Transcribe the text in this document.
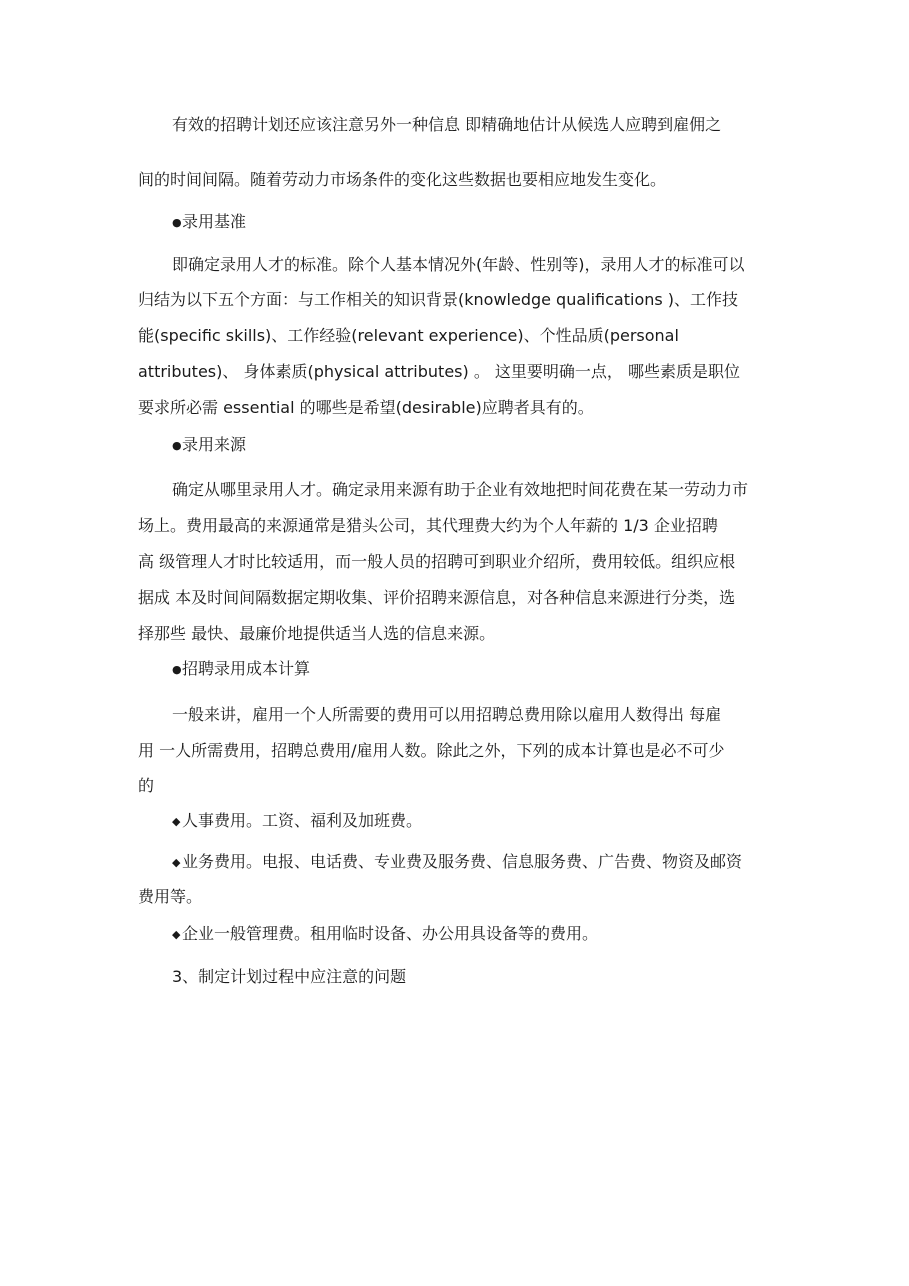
有效的招聘计划还应该注意另外一种信息 即精确地估计从候选人应聘到雇佣之
间的时间间隔。随着劳动力市场条件的变化这些数据也要相应地发生变化。
●录用基准
即确定录用人才的标准。除个人基本情况外(年龄、性别等)，录用人才的标准可以
归结为以下五个方面：与工作相关的知识背景(knowledge qualifications )、工作技
能(specific skills)、工作经验(relevant experience)、个性品质(personal
attributes)、 身体素质(physical attributes) 。 这里要明确一点， 哪些素质是职位
要求所必需 essential 的哪些是希望(desirable)应聘者具有的。
●录用来源
确定从哪里录用人才。确定录用来源有助于企业有效地把时间花费在某一劳动力市
场上。费用最高的来源通常是猎头公司，其代理费大约为个人年薪的 1/3 企业招聘
高 级管理人才时比较适用，而一般人员的招聘可到职业介绍所，费用较低。组织应根
据成 本及时间间隔数据定期收集、评价招聘来源信息，对各种信息来源进行分类，选
择那些 最快、最廉价地提供适当人选的信息来源。
●招聘录用成本计算
一般来讲，雇用一个人所需要的费用可以用招聘总费用除以雇用人数得出 每雇
用 一人所需费用，招聘总费用/雇用人数。除此之外，下列的成本计算也是必不可少
的
◆人事费用。工资、福利及加班费。
◆业务费用。电报、电话费、专业费及服务费、信息服务费、广告费、物资及邮资
费用等。
◆企业一般管理费。租用临时设备、办公用具设备等的费用。
3、制定计划过程中应注意的问题
